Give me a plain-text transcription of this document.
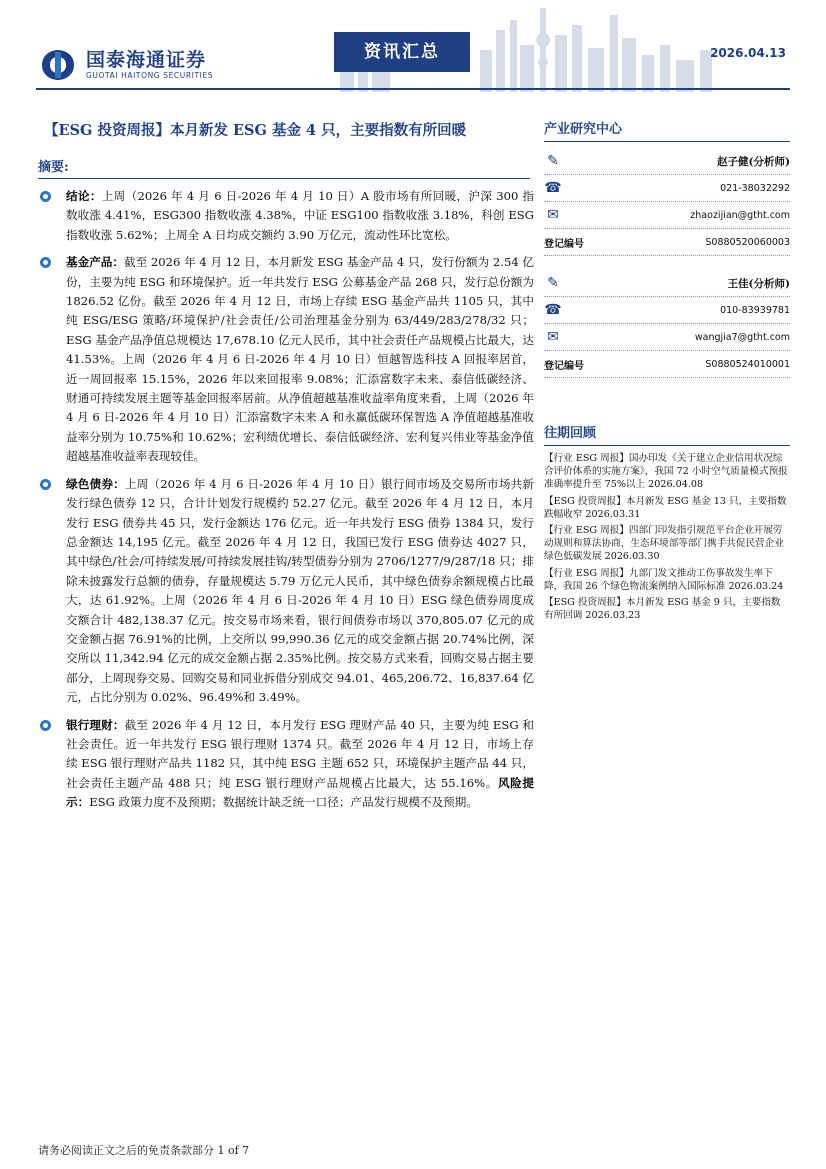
国泰海通证券
GUOTAI HAITONG SECURITIES
资讯汇总	2026.04.13
【ESG 投资周报】本月新发 ESG 基金 4 只，主要指数有所回暖
摘要:
结论：上周（2026 年 4 月 6 日-2026 年 4 月 10 日）A 股市场有所回暖，沪深 300 指数收涨 4.41%，ESG300 指数收涨 4.38%，中证 ESG100 指数收涨 3.18%，科创 ESG 指数收涨 5.62%；上周全 A 日均成交额约 3.90 万亿元，流动性环比宽松。
基金产品：截至 2026 年 4 月 12 日，本月新发 ESG 基金产品 4 只，发行份额为 2.54 亿份，主要为纯 ESG 和环境保护。近一年共发行 ESG 公募基金产品 268 只，发行总份额为 1826.52 亿份。截至 2026 年 4 月 12 日，市场上存续 ESG 基金产品共 1105 只，其中纯 ESG/ESG 策略/环境保护/社会责任/公司治理基金分别为 63/449/283/278/32 只；ESG 基金产品净值总规模达 17,678.10 亿元人民币，其中社会责任产品规模占比最大，达 41.53%。上周（2026 年 4 月 6 日-2026 年 4 月 10 日）恒越智选科技 A 回报率居首，近一周回报率 15.15%，2026 年以来回报率 9.08%；汇添富数字未来、泰信低碳经济、财通可持续发展主题等基金回报率居前。从净值超越基准收益率角度来看，上周（2026 年 4 月 6 日-2026 年 4 月 10 日）汇添富数字未来 A 和永赢低碳环保智选 A 净值超越基准收益率分别为 10.75%和 10.62%；宏利绩优增长、泰信低碳经济、宏利复兴伟业等基金净值超越基准收益率表现较佳。
绿色债券：上周（2026 年 4 月 6 日-2026 年 4 月 10 日）银行间市场及交易所市场共新发行绿色债券 12 只，合计计划发行规模约 52.27 亿元。截至 2026 年 4 月 12 日，本月发行 ESG 债券共 45 只，发行金额达 176 亿元。近一年共发行 ESG 债券 1384 只，发行总金额达 14,195 亿元。截至 2026 年 4 月 12 日，我国已发行 ESG 债券达 4027 只，其中绿色/社会/可持续发展/可持续发展挂钩/转型债券分别为 2706/1277/9/287/18 只；排除未披露发行总额的债券，存量规模达 5.79 万亿元人民币，其中绿色债券余额规模占比最大，达 61.92%。上周（2026 年 4 月 6 日-2026 年 4 月 10 日）ESG 绿色债券周度成交额合计 482,138.37 亿元。按交易市场来看，银行间债券市场以 370,805.07 亿元的成交金额占据 76.91%的比例，上交所以 99,990.36 亿元的成交金额占据 20.74%比例，深交所以 11,342.94 亿元的成交金额占据 2.35%比例。按交易方式来看，回购交易占据主要部分，上周现券交易、回购交易和同业拆借分别成交 94.01、465,206.72、16,837.64 亿元，占比分别为 0.02%、96.49%和 3.49%。
银行理财：截至 2026 年 4 月 12 日，本月发行 ESG 理财产品 40 只，主要为纯 ESG 和社会责任。近一年共发行 ESG 银行理财 1374 只。截至 2026 年 4 月 12 日，市场上存续 ESG 银行理财产品共 1182 只，其中纯 ESG 主题 652 只，环境保护主题产品 44 只，社会责任主题产品 488 只；纯 ESG 银行理财产品规模占比最大，达 55.16%。风险提示：ESG 政策力度不及预期；数据统计缺乏统一口径；产品发行规模不及预期。
产业研究中心
✎	赵子健(分析师)
☎	021-38032292
✉	zhaozijian@gtht.com
登记编号	S0880520060003
✎	王佳(分析师)
☎	010-83939781
✉	wangjia7@gtht.com
登记编号	S0880524010001
往期回顾
【行业 ESG 周报】国办印发《关于建立企业信用状况综合评价体系的实施方案》，我国 72 小时空气质量模式预报准确率提升至 75%以上 2026.04.08
【ESG 投资周报】本月新发 ESG 基金 13 只，主要指数跌幅收窄 2026.03.31
【行业 ESG 周报】四部门印发指引规范平台企业开展劳动规则和算法协商，生态环境部等部门携手共促民营企业绿色低碳发展 2026.03.30
【行业 ESG 周报】九部门发文推动工伤事故发生率下降，我国 26 个绿色物流案例纳入国际标准 2026.03.24
【ESG 投资周报】本月新发 ESG 基金 9 只，主要指数有所回调 2026.03.23
请务必阅读正文之后的免责条款部分 1 of 7
